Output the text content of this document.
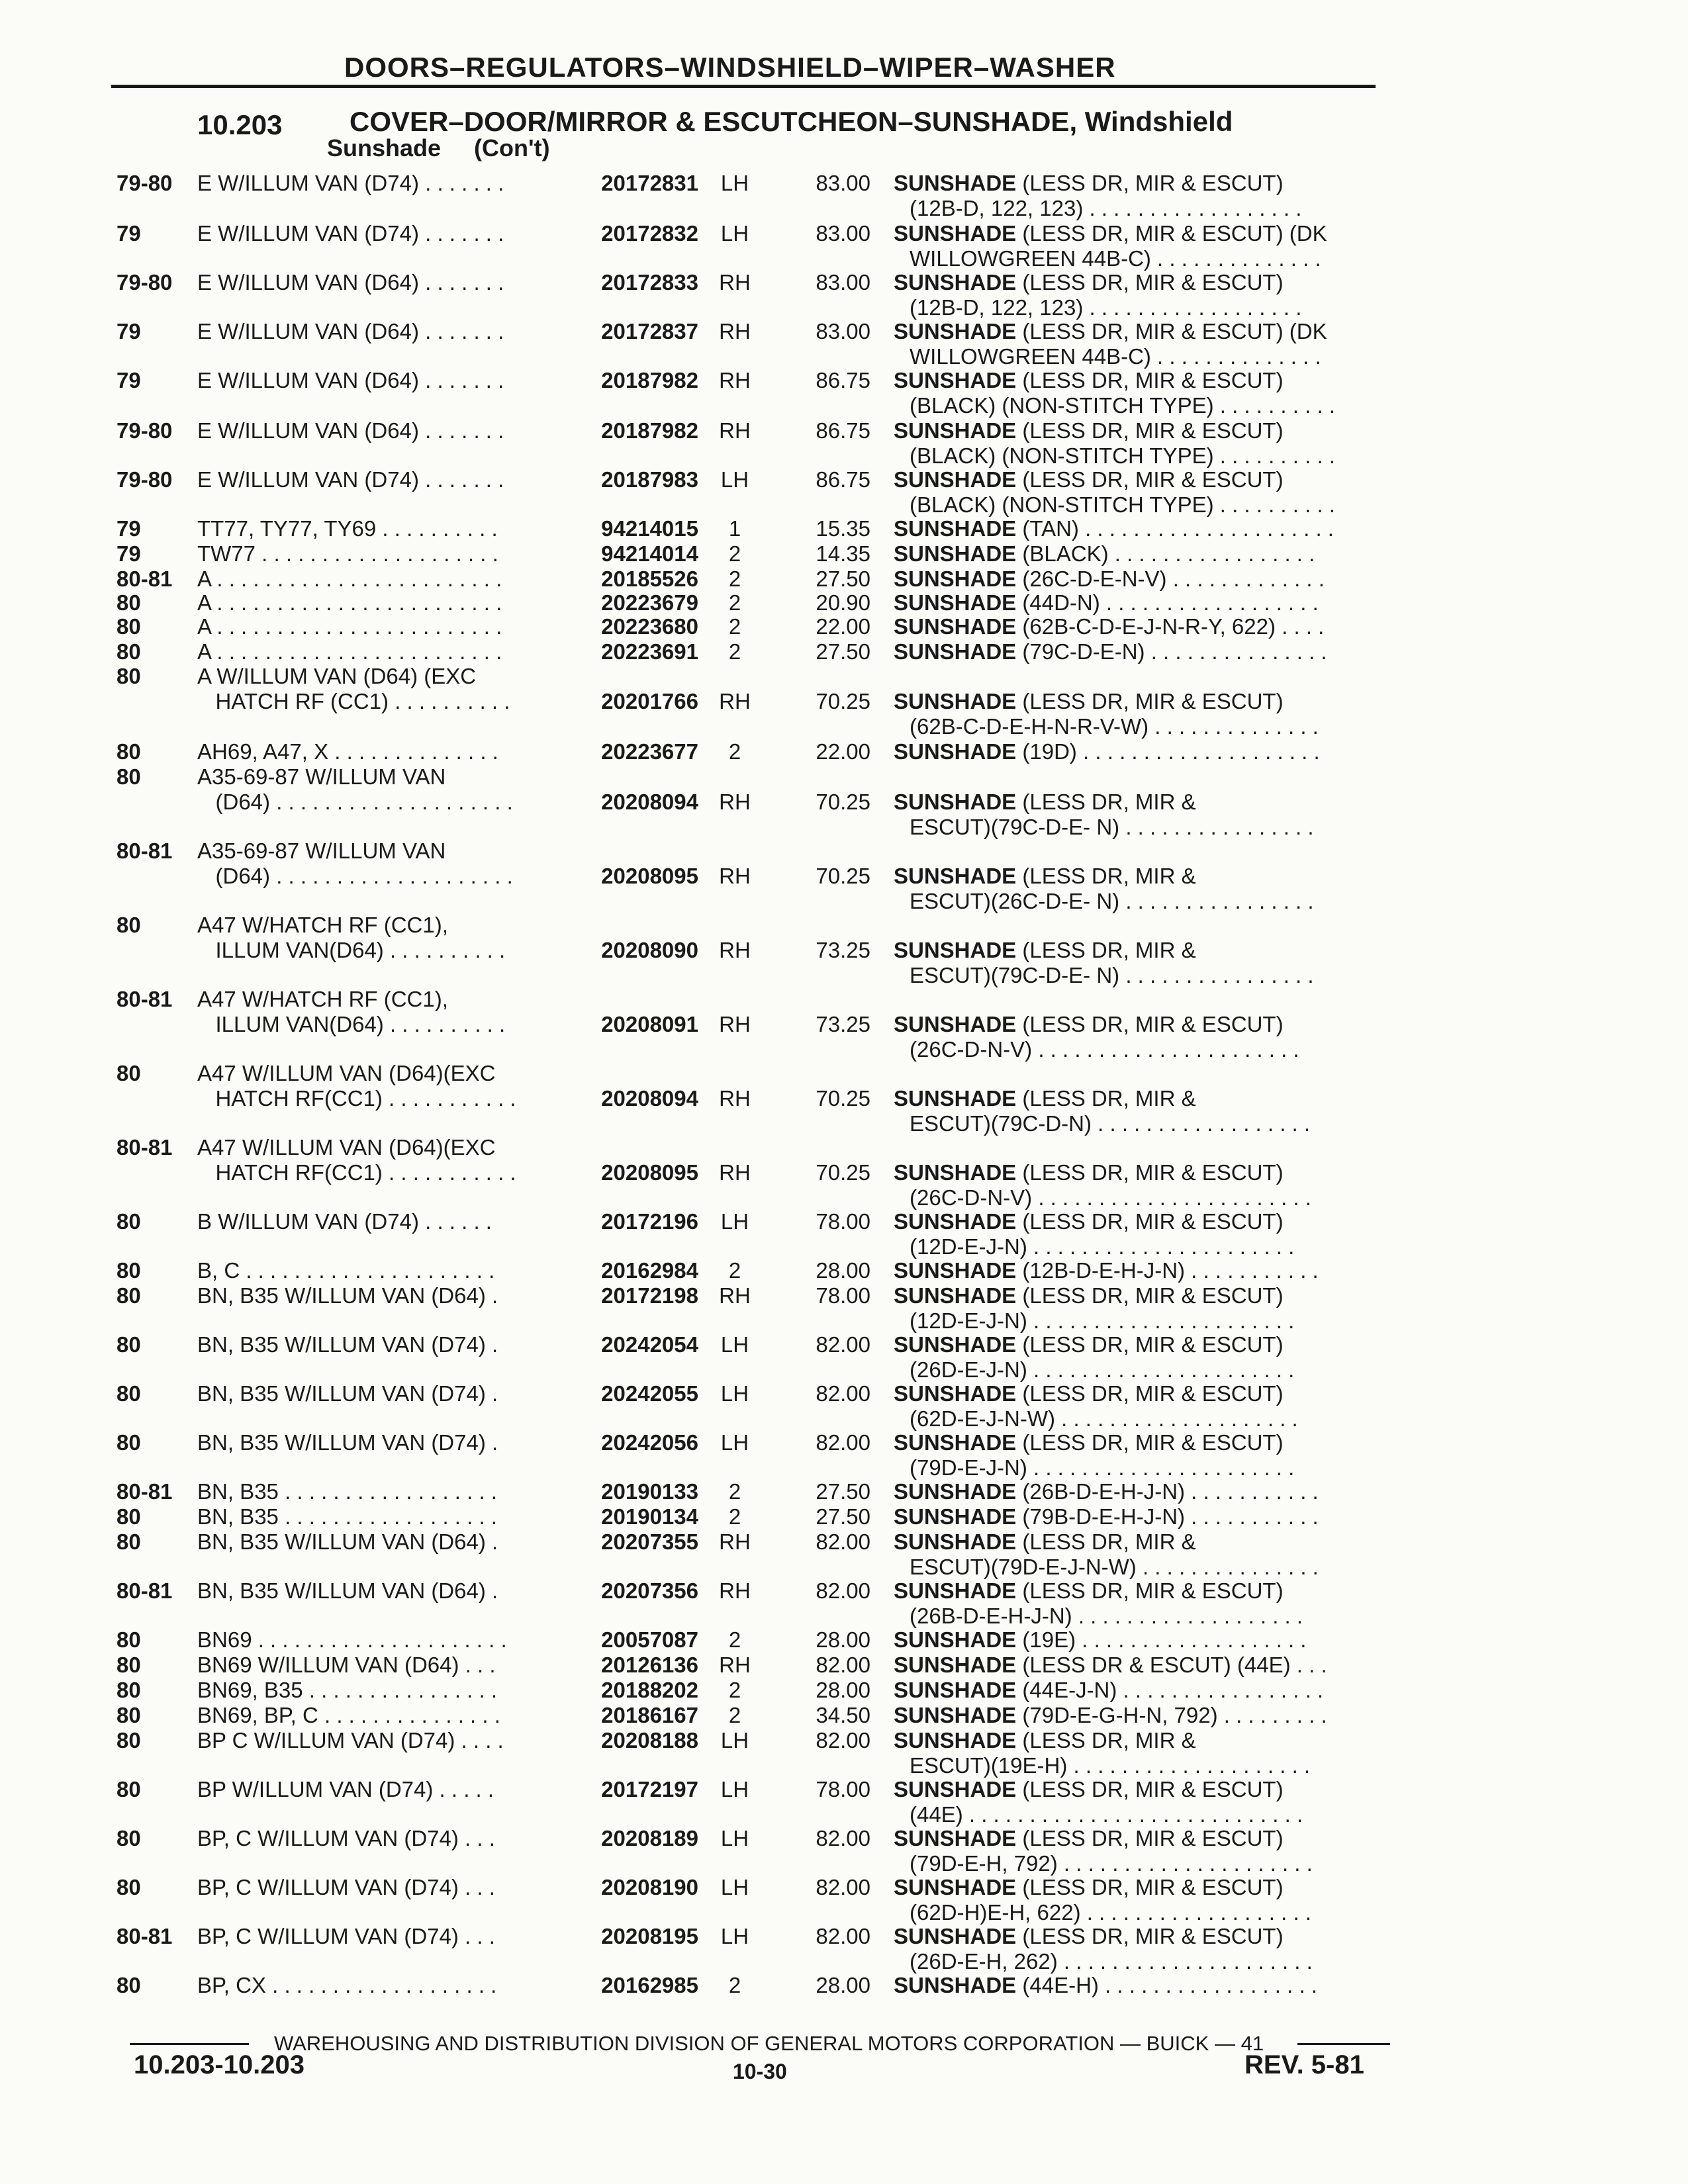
DOORS–REGULATORS–WINDSHIELD–WIPER–WASHER
10.203 COVER–DOOR/MIRROR & ESCUTCHEON–SUNSHADE, Windshield
Sunshade     (Con't)
79-80	E W/ILLUM VAN (D74) . . . . . . .	20172831	LH	83.00 SUNSHADE (LESS DR, MIR & ESCUT)
(12B-D, 122, 123) . . . . . . . . . . . . . . . . . .
79	E W/ILLUM VAN (D74) . . . . . . .	20172832	LH	83.00 SUNSHADE (LESS DR, MIR & ESCUT) (DK
WILLOWGREEN 44B-C) . . . . . . . . . . . . . .
79-80	E W/ILLUM VAN (D64) . . . . . . .	20172833 RH	83.00 SUNSHADE (LESS DR, MIR & ESCUT)
(12B-D, 122, 123) . . . . . . . . . . . . . . . . . .
79	E W/ILLUM VAN (D64) . . . . . . .	20172837 RH	83.00 SUNSHADE (LESS DR, MIR & ESCUT) (DK
WILLOWGREEN 44B-C) . . . . . . . . . . . . . .
79	E W/ILLUM VAN (D64) . . . . . . .	20187982 RH	86.75 SUNSHADE (LESS DR, MIR & ESCUT)
(BLACK) (NON-STITCH TYPE) . . . . . . . . . .
79-80	E W/ILLUM VAN (D64) . . . . . . .	20187982 RH	86.75 SUNSHADE (LESS DR, MIR & ESCUT)
(BLACK) (NON-STITCH TYPE) . . . . . . . . . .
79-80	E W/ILLUM VAN (D74) . . . . . . .	20187983	LH	86.75 SUNSHADE (LESS DR, MIR & ESCUT)
(BLACK) (NON-STITCH TYPE) . . . . . . . . . .
79	TT77, TY77, TY69 . . . . . . . . . .	94214015	1	15.35 SUNSHADE (TAN) . . . . . . . . . . . . . . . . . . . . .
79	TW77 . . . . . . . . . . . . . . . . . . . .	94214014	2	14.35 SUNSHADE (BLACK) . . . . . . . . . . . . . . . . .
80-81	A . . . . . . . . . . . . . . . . . . . . . . . .	20185526	2	27.50 SUNSHADE (26C-D-E-N-V) . . . . . . . . . . . . .
80	A . . . . . . . . . . . . . . . . . . . . . . . .	20223679	2	20.90 SUNSHADE (44D-N) . . . . . . . . . . . . . . . . . .
80	A . . . . . . . . . . . . . . . . . . . . . . . .	20223680	2	22.00 SUNSHADE (62B-C-D-E-J-N-R-Y, 622) . . . .
80	A . . . . . . . . . . . . . . . . . . . . . . . .	20223691	2	27.50 SUNSHADE (79C-D-E-N) . . . . . . . . . . . . . . .
80	A W/ILLUM VAN (D64) (EXC
HATCH RF (CC1) . . . . . . . . . .	20201766 RH	70.25 SUNSHADE (LESS DR, MIR & ESCUT)
(62B-C-D-E-H-N-R-V-W) . . . . . . . . . . . . . .
80	AH69, A47, X . . . . . . . . . . . . . .	20223677	2	22.00 SUNSHADE (19D) . . . . . . . . . . . . . . . . . . . .
80	A35-69-87 W/ILLUM VAN
(D64) . . . . . . . . . . . . . . . . . . . .	20208094 RH	70.25 SUNSHADE (LESS DR, MIR &
ESCUT)(79C-D-E- N) . . . . . . . . . . . . . . . .
80-81	A35-69-87 W/ILLUM VAN
(D64) . . . . . . . . . . . . . . . . . . . .	20208095 RH	70.25 SUNSHADE (LESS DR, MIR &
ESCUT)(26C-D-E- N) . . . . . . . . . . . . . . . .
80	A47 W/HATCH RF (CC1),
ILLUM VAN(D64) . . . . . . . . . .	20208090 RH	73.25 SUNSHADE (LESS DR, MIR &
ESCUT)(79C-D-E- N) . . . . . . . . . . . . . . . .
80-81	A47 W/HATCH RF (CC1),
ILLUM VAN(D64) . . . . . . . . . .	20208091 RH	73.25 SUNSHADE (LESS DR, MIR & ESCUT)
(26C-D-N-V) . . . . . . . . . . . . . . . . . . . . . .
80	A47 W/ILLUM VAN (D64)(EXC
HATCH RF(CC1) . . . . . . . . . . .	20208094 RH	70.25 SUNSHADE (LESS DR, MIR &
ESCUT)(79C-D-N) . . . . . . . . . . . . . . . . . .
80-81	A47 W/ILLUM VAN (D64)(EXC
HATCH RF(CC1) . . . . . . . . . . .	20208095 RH	70.25 SUNSHADE (LESS DR, MIR & ESCUT)
(26C-D-N-V) . . . . . . . . . . . . . . . . . . . . . . .
80	B W/ILLUM VAN (D74) . . . . . .	20172196	LH	78.00 SUNSHADE (LESS DR, MIR & ESCUT)
(12D-E-J-N) . . . . . . . . . . . . . . . . . . . . . .
80	B, C . . . . . . . . . . . . . . . . . . . . .	20162984	2	28.00 SUNSHADE (12B-D-E-H-J-N) . . . . . . . . . . .
80	BN, B35 W/ILLUM VAN (D64) .	20172198 RH	78.00 SUNSHADE (LESS DR, MIR & ESCUT)
(12D-E-J-N) . . . . . . . . . . . . . . . . . . . . . .
80	BN, B35 W/ILLUM VAN (D74) .	20242054	LH	82.00 SUNSHADE (LESS DR, MIR & ESCUT)
(26D-E-J-N) . . . . . . . . . . . . . . . . . . . . . .
80	BN, B35 W/ILLUM VAN (D74) .	20242055	LH	82.00 SUNSHADE (LESS DR, MIR & ESCUT)
(62D-E-J-N-W) . . . . . . . . . . . . . . . . . . . .
80	BN, B35 W/ILLUM VAN (D74) .	20242056	LH	82.00 SUNSHADE (LESS DR, MIR & ESCUT)
(79D-E-J-N) . . . . . . . . . . . . . . . . . . . . . .
80-81	BN, B35 . . . . . . . . . . . . . . . . . .	20190133	2	27.50 SUNSHADE (26B-D-E-H-J-N) . . . . . . . . . . .
80	BN, B35 . . . . . . . . . . . . . . . . . .	20190134	2	27.50 SUNSHADE (79B-D-E-H-J-N) . . . . . . . . . . .
80	BN, B35 W/ILLUM VAN (D64) .	20207355 RH	82.00 SUNSHADE (LESS DR, MIR &
ESCUT)(79D-E-J-N-W) . . . . . . . . . . . . . . .
80-81	BN, B35 W/ILLUM VAN (D64) .	20207356 RH	82.00 SUNSHADE (LESS DR, MIR & ESCUT)
(26B-D-E-H-J-N) . . . . . . . . . . . . . . . . . . .
80	BN69 . . . . . . . . . . . . . . . . . . . . .	20057087	2	28.00 SUNSHADE (19E) . . . . . . . . . . . . . . . . . . .
80	BN69 W/ILLUM VAN (D64) . . .	20126136 RH	82.00 SUNSHADE (LESS DR & ESCUT) (44E) . . .
80	BN69, B35 . . . . . . . . . . . . . . . .	20188202	2	28.00 SUNSHADE (44E-J-N) . . . . . . . . . . . . . . . . .
80	BN69, BP, C . . . . . . . . . . . . . . .	20186167	2	34.50 SUNSHADE (79D-E-G-H-N, 792) . . . . . . . . .
80	BP C W/ILLUM VAN (D74) . . . .	20208188	LH	82.00 SUNSHADE (LESS DR, MIR &
ESCUT)(19E-H) . . . . . . . . . . . . . . . . . . . .
80	BP W/ILLUM VAN (D74) . . . . .	20172197	LH	78.00 SUNSHADE (LESS DR, MIR & ESCUT)
(44E) . . . . . . . . . . . . . . . . . . . . . . . . . . . .
80	BP, C W/ILLUM VAN (D74) . . .	20208189	LH	82.00 SUNSHADE (LESS DR, MIR & ESCUT)
(79D-E-H, 792) . . . . . . . . . . . . . . . . . . . . .
80	BP, C W/ILLUM VAN (D74) . . .	20208190	LH	82.00 SUNSHADE (LESS DR, MIR & ESCUT)
(62D-H)E-H, 622) . . . . . . . . . . . . . . . . . . .
80-81	BP, C W/ILLUM VAN (D74) . . .	20208195	LH	82.00 SUNSHADE (LESS DR, MIR & ESCUT)
(26D-E-H, 262) . . . . . . . . . . . . . . . . . . . . .
80	BP, CX . . . . . . . . . . . . . . . . . . .	20162985	2	28.00 SUNSHADE (44E-H) . . . . . . . . . . . . . . . . . .
WAREHOUSING AND DISTRIBUTION DIVISION OF GENERAL MOTORS CORPORATION — BUICK — 41
10.203-10.203	10-30	REV. 5-81
